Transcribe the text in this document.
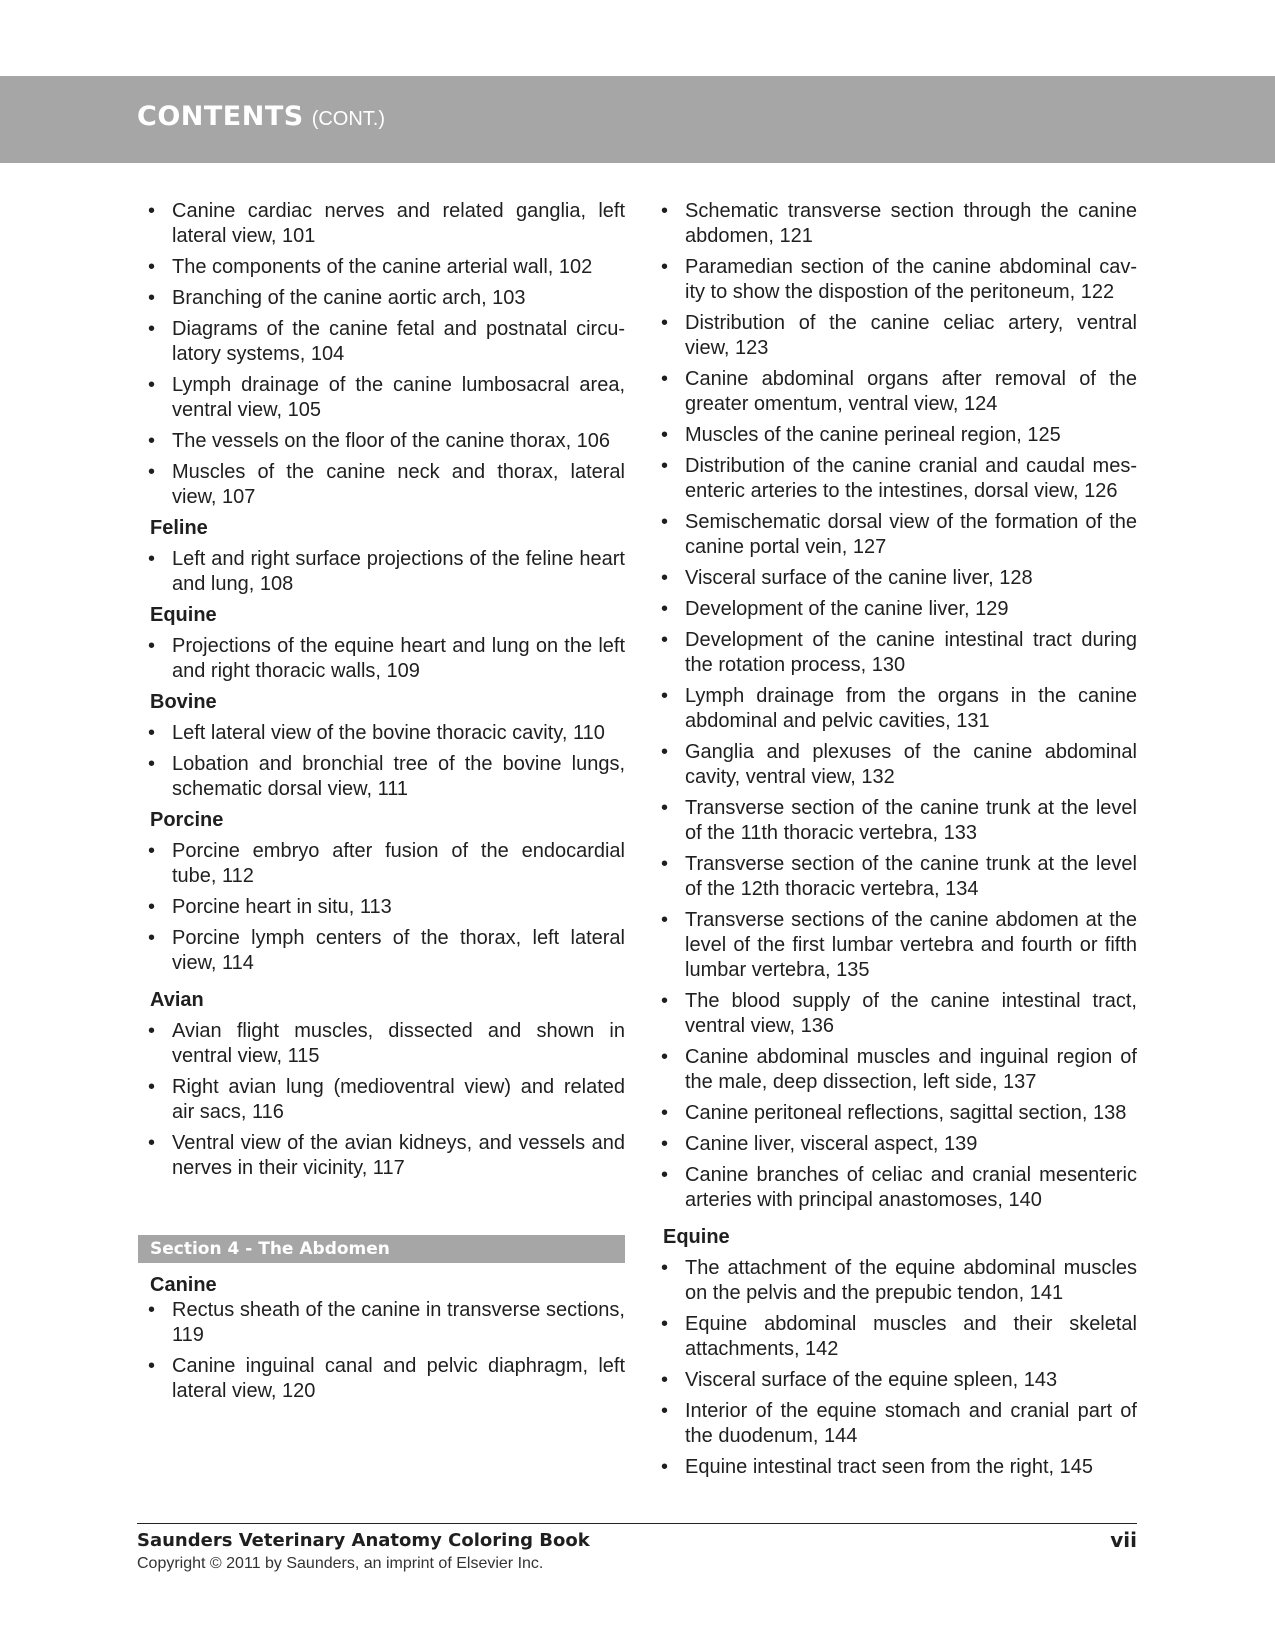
CONTENTS (CONT.)
• Canine cardiac nerves and related ganglia, left lateral view, 101
• The components of the canine arterial wall, 102
• Branching of the canine aortic arch, 103
• Diagrams of the canine fetal and postnatal circu-latory systems, 104
• Lymph drainage of the canine lumbosacral area, ventral view, 105
• The vessels on the floor of the canine thorax, 106
• Muscles of the canine neck and thorax, lateral view, 107
Feline
• Left and right surface projections of the feline heart and lung, 108
Equine
• Projections of the equine heart and lung on the left and right thoracic walls, 109
Bovine
• Left lateral view of the bovine thoracic cavity, 110
• Lobation and bronchial tree of the bovine lungs, schematic dorsal view, 111
Porcine
• Porcine embryo after fusion of the endocardial tube, 112
• Porcine heart in situ, 113
• Porcine lymph centers of the thorax, left lateral view, 114
Avian
• Avian flight muscles, dissected and shown in ventral view, 115
• Right avian lung (medioventral view) and related air sacs, 116
• Ventral view of the avian kidneys, and vessels and nerves in their vicinity, 117
Section 4 - The Abdomen
Canine
• Rectus sheath of the canine in transverse sections, 119
• Canine inguinal canal and pelvic diaphragm, left lateral view, 120
• Schematic transverse section through the canine abdomen, 121
• Paramedian section of the canine abdominal cav-ity to show the dispostion of the peritoneum, 122
• Distribution of the canine celiac artery, ventral view, 123
• Canine abdominal organs after removal of the greater omentum, ventral view, 124
• Muscles of the canine perineal region, 125
• Distribution of the canine cranial and caudal mes-enteric arteries to the intestines, dorsal view, 126
• Semischematic dorsal view of the formation of the canine portal vein, 127
• Visceral surface of the canine liver, 128
• Development of the canine liver, 129
• Development of the canine intestinal tract during the rotation process, 130
• Lymph drainage from the organs in the canine abdominal and pelvic cavities, 131
• Ganglia and plexuses of the canine abdominal cavity, ventral view, 132
• Transverse section of the canine trunk at the level of the 11th thoracic vertebra, 133
• Transverse section of the canine trunk at the level of the 12th thoracic vertebra, 134
• Transverse sections of the canine abdomen at the level of the first lumbar vertebra and fourth or fifth lumbar vertebra, 135
• The blood supply of the canine intestinal tract, ventral view, 136
• Canine abdominal muscles and inguinal region of the male, deep dissection, left side, 137
• Canine peritoneal reflections, sagittal section, 138
• Canine liver, visceral aspect, 139
• Canine branches of celiac and cranial mesenteric arteries with principal anastomoses, 140
Equine
• The attachment of the equine abdominal muscles on the pelvis and the prepubic tendon, 141
• Equine abdominal muscles and their skeletal attachments, 142
• Visceral surface of the equine spleen, 143
• Interior of the equine stomach and cranial part of the duodenum, 144
• Equine intestinal tract seen from the right, 145
Saunders Veterinary Anatomy Coloring Book
Copyright © 2011 by Saunders, an imprint of Elsevier Inc.
vii
